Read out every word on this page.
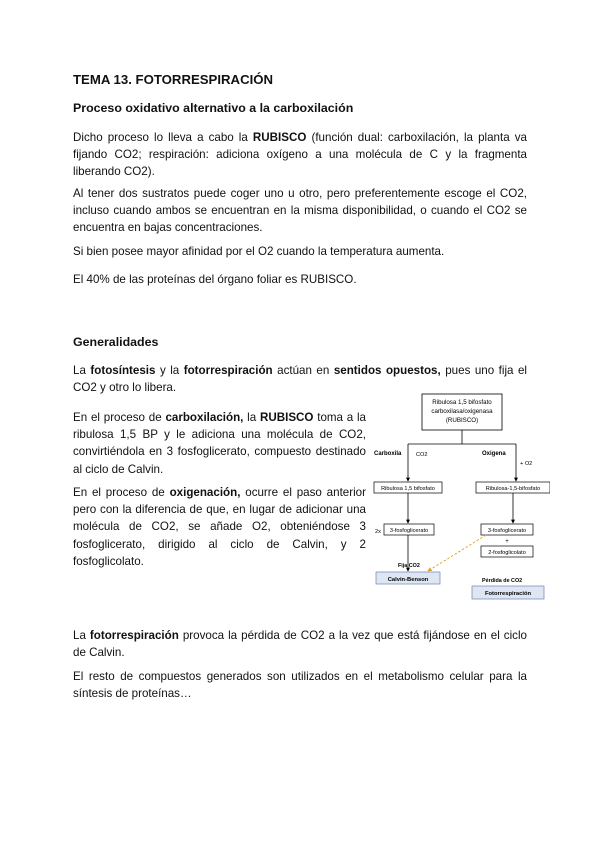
TEMA 13. FOTORRESPIRACIÓN
Proceso oxidativo alternativo a la carboxilación

Dicho proceso lo lleva a cabo la RUBISCO (función dual: carboxilación, la planta va fijando CO2; respiración: adiciona oxígeno a una molécula de C y la fragmenta liberando CO2).

Al tener dos sustratos puede coger uno u otro, pero preferentemente escoge el CO2, incluso cuando ambos se encuentran en la misma disponibilidad, o cuando el CO2 se encuentra en bajas concentraciones.

Si bien posee mayor afinidad por el O2 cuando la temperatura aumenta.

El 40% de las proteínas del órgano foliar es RUBISCO.

Generalidades

La fotosíntesis y la fotorrespiración actúan en sentidos opuestos, pues uno fija el CO2 y otro lo libera.

En el proceso de carboxilación, la RUBISCO toma a la ribulosa 1,5 BP y le adiciona una molécula de CO2, convirtiéndola en 3 fosfoglicerato, compuesto destinado al ciclo de Calvin.

En el proceso de oxigenación, ocurre el paso anterior pero con la diferencia de que, en lugar de adicionar una molécula de CO2, se añade O2, obteniéndose 3 fosfoglicerato, dirigido al ciclo de Calvin, y 2 fosfoglicolato.

La fotorrespiración provoca la pérdida de CO2 a la vez que está fijándose en el ciclo de Calvin.

El resto de compuestos generados son utilizados en el metabolismo celular para la síntesis de proteínas…

Ribulosa 1,5 bifosfato
carboxilasa/oxigenasa
(RUBISCO)
Carboxila	CO2	Oxigena
+ O2
Ribulosa 1,5 bifosfato	Ribulosa-1,5-bifosfato
2x 3-fosfoglicerato	3-fosfoglicerato
+
2-fosfoglicolato
Fija CO2
Calvin-Benson	Pérdida de CO2
Fotorrespiración
